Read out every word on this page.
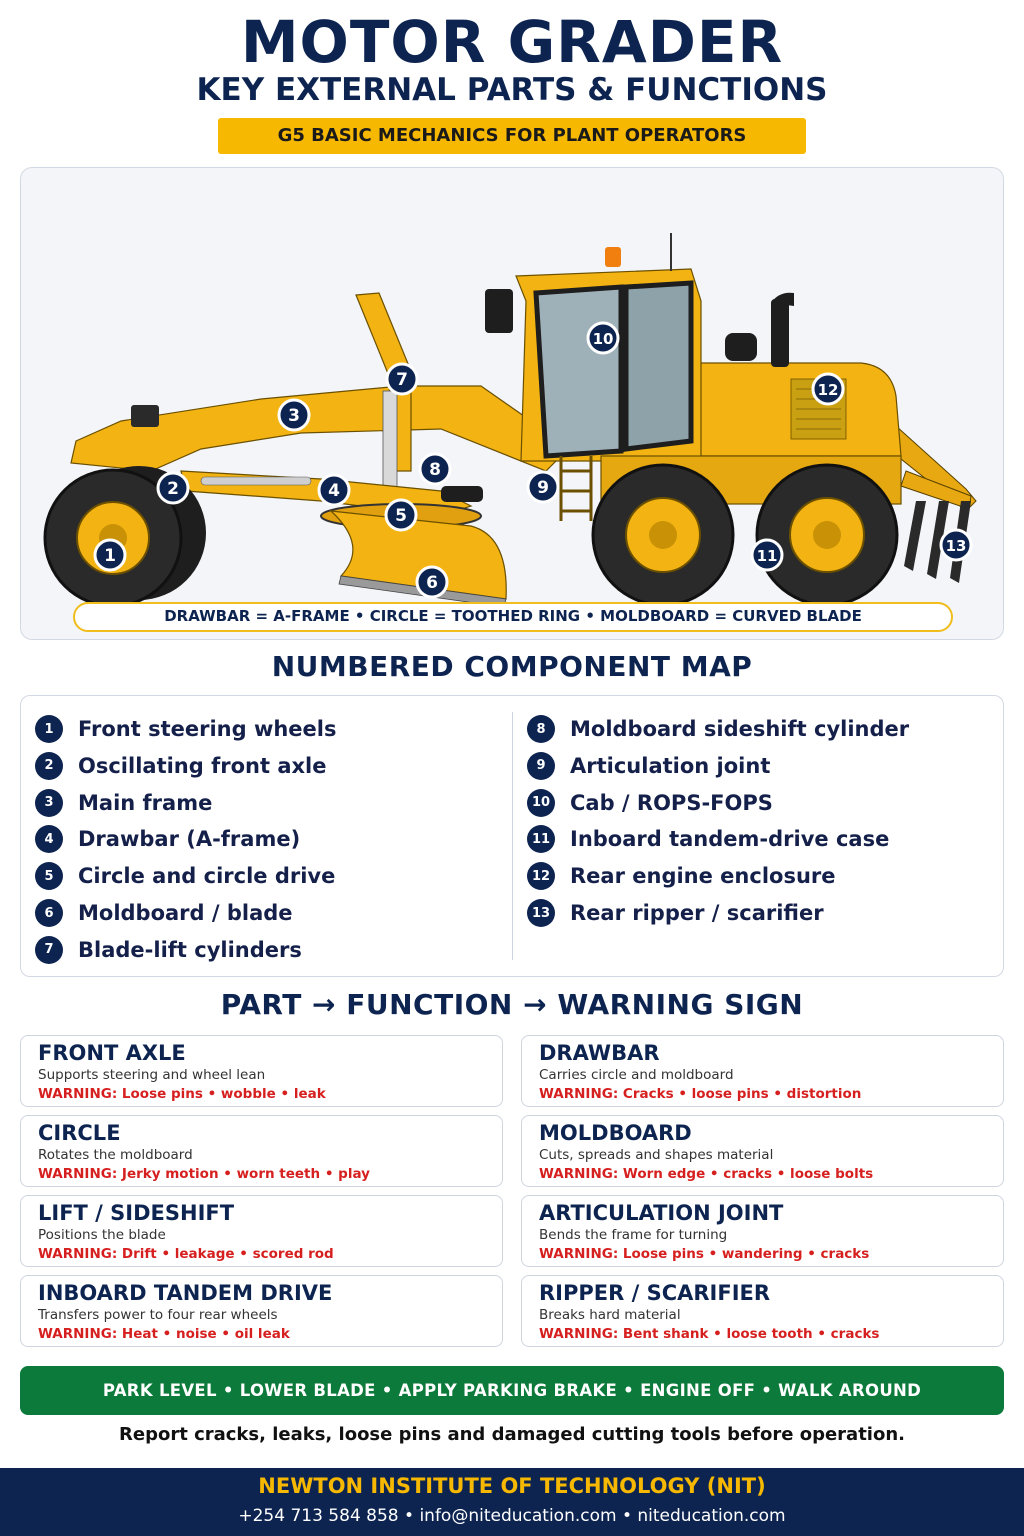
MOTOR GRADER
KEY EXTERNAL PARTS & FUNCTIONS
G5 BASIC MECHANICS FOR PLANT OPERATORS
1
2
3
4
5
6
7
8
9
10
11
12
13
DRAWBAR = A-FRAME • CIRCLE = TOOTHED RING • MOLDBOARD = CURVED BLADE
NUMBERED COMPONENT MAP
1	Front steering wheels
2	Oscillating front axle
3	Main frame
4	Drawbar (A-frame)
5	Circle and circle drive
6	Moldboard / blade
7	Blade-lift cylinders
8	Moldboard sideshift cylinder
9	Articulation joint
10 Cab / ROPS-FOPS
11 Inboard tandem-drive case
12 Rear engine enclosure
13 Rear ripper / scarifier
PART → FUNCTION → WARNING SIGN
FRONT AXLE
Supports steering and wheel lean
WARNING: Loose pins • wobble • leak
DRAWBAR
Carries circle and moldboard
WARNING: Cracks • loose pins • distortion
CIRCLE
Rotates the moldboard
WARNING: Jerky motion • worn teeth • play
MOLDBOARD
Cuts, spreads and shapes material
WARNING: Worn edge • cracks • loose bolts
LIFT / SIDESHIFT
Positions the blade
WARNING: Drift • leakage • scored rod
ARTICULATION JOINT
Bends the frame for turning
WARNING: Loose pins • wandering • cracks
INBOARD TANDEM DRIVE
Transfers power to four rear wheels
WARNING: Heat • noise • oil leak
RIPPER / SCARIFIER
Breaks hard material
WARNING: Bent shank • loose tooth • cracks
PARK LEVEL • LOWER BLADE • APPLY PARKING BRAKE • ENGINE OFF • WALK AROUND
Report cracks, leaks, loose pins and damaged cutting tools before operation.
NEWTON INSTITUTE OF TECHNOLOGY (NIT)
+254 713 584 858 • info@niteducation.com • niteducation.com
